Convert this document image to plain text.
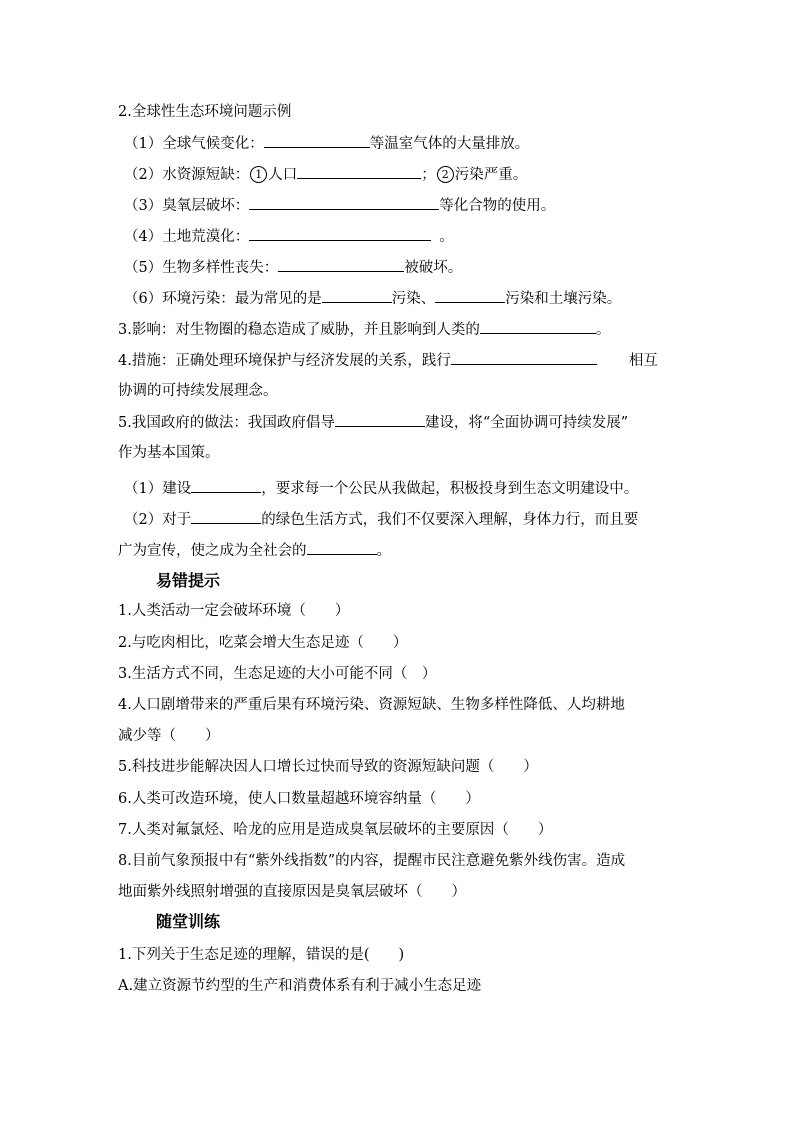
2.全球性生态环境问题示例
（1）全球气候变化：	等温室气体的大量排放。
（2）水资源短缺： 1 人口	； 2 污染严重。
（3）臭氧层破坏：	等化合物的使用。
（4）土地荒漠化：	。
（5）生物多样性丧失：	被破坏。
（6）环境污染：最为常见的是	污染、	污染和土壤污染。
3.影响：对生物圈的稳态造成了威胁，并且影响到人类的	。
4.措施：正确处理环境保护与经济发展的关系，践行	相互
协调的可持续发展理念。
5.我国政府的做法：我国政府倡导	建设，将“全面协调可持续发展”
作为基本国策。
（1）建设	，要求每一个公民从我做起，积极投身到生态文明建设中。
（2）对于	的绿色生活方式，我们不仅要深入理解，身体力行，而且要
广为宣传，使之成为全社会的	。
易错提示
1.人类活动一定会破坏环境（　　）
2.与吃肉相比，吃菜会增大生态足迹（　　）
3.生活方式不同，生态足迹的大小可能不同（　）
4.人口剧增带来的严重后果有环境污染、资源短缺、生物多样性降低、人均耕地
减少等（　　）
5.科技进步能解决因人口增长过快而导致的资源短缺问题（　　）
6.人类可改造环境，使人口数量超越环境容纳量（　　）
7.人类对氟氯烃、哈龙的应用是造成臭氧层破坏的主要原因（　　）
8.目前气象预报中有“紫外线指数”的内容，提醒市民注意避免紫外线伤害。造成
地面紫外线照射增强的直接原因是臭氧层破坏（　　）
随堂训练
1.下列关于生态足迹的理解，错误的是(　　)
A.建立资源节约型的生产和消费体系有利于减小生态足迹
